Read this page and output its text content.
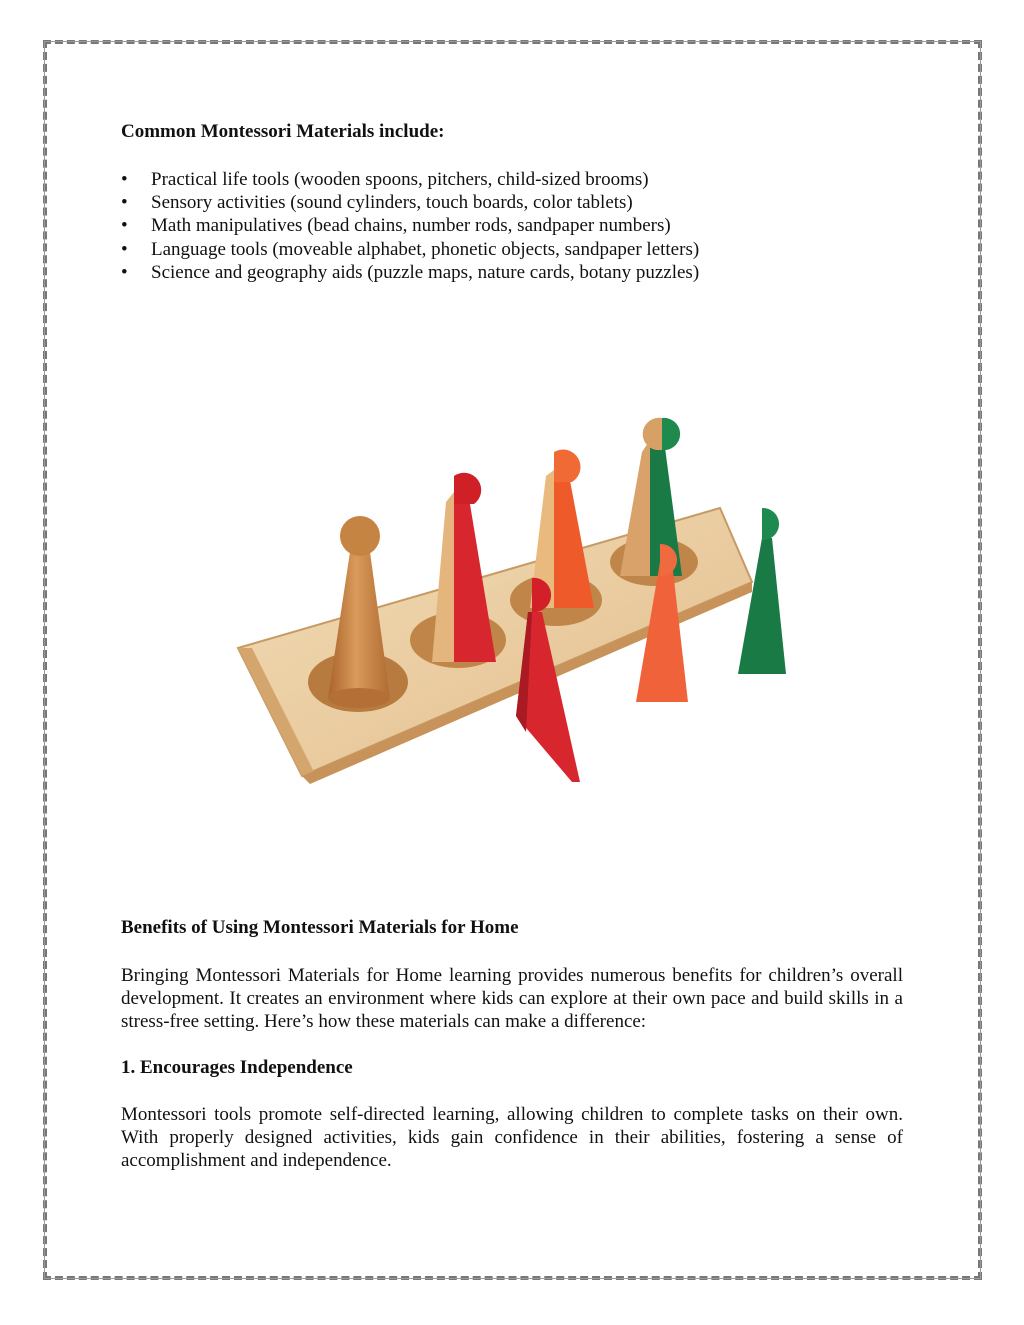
Common Montessori Materials include:
• Practical life tools (wooden spoons, pitchers, child-sized brooms)
• Sensory activities (sound cylinders, touch boards, color tablets)
• Math manipulatives (bead chains, number rods, sandpaper numbers)
• Language tools (moveable alphabet, phonetic objects, sandpaper letters)
• Science and geography aids (puzzle maps, nature cards, botany puzzles)
Benefits of Using Montessori Materials for Home

Bringing Montessori Materials for Home learning provides numerous benefits for children’s overall development. It creates an environment where kids can explore at their own pace and build skills in a stress-free setting. Here’s how these materials can make a difference:

1. Encourages Independence

Montessori tools promote self-directed learning, allowing children to complete tasks on their own. With properly designed activities, kids gain confidence in their abilities, fostering a sense of accomplishment and independence.
